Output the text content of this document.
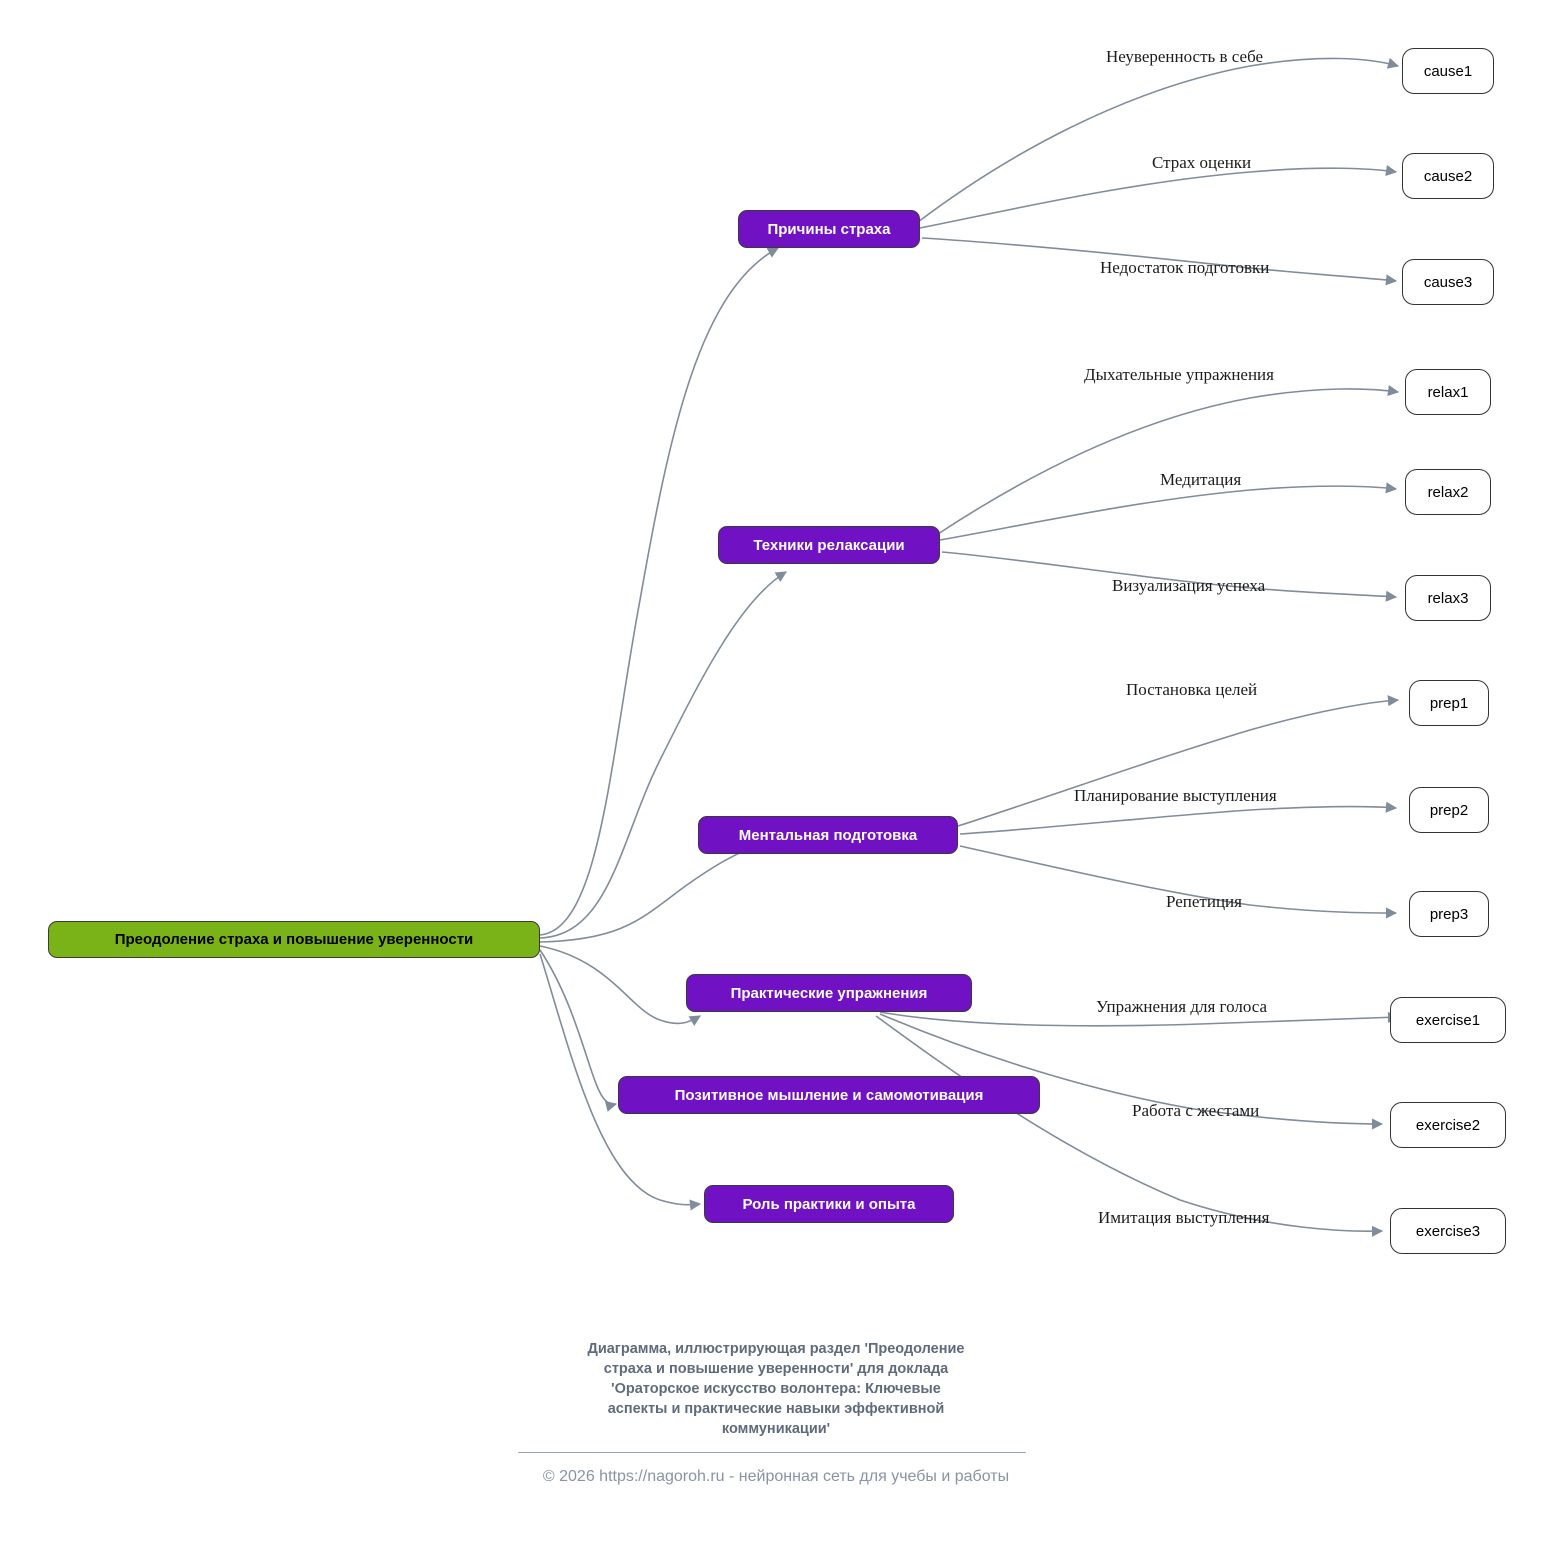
Преодоление страха и повышение уверенности
Причины страха
Техники релаксации
Ментальная подготовка
Практические упражнения
Позитивное мышление и самомотивация
Роль практики и опыта
cause1
cause2
cause3
relax1
relax2
relax3
prep1
prep2
prep3
exercise1
exercise2
exercise3
Неуверенность в себе
Страх оценки
Недостаток подготовки
Дыхательные упражнения
Медитация
Визуализация успеха
Постановка целей
Планирование выступления
Репетиция
Упражнения для голоса
Работа с жестами
Имитация выступления
Диаграмма, иллюстрирующая раздел 'Преодоление
страха и повышение уверенности' для доклада
'Ораторское искусство волонтера: Ключевые
аспекты и практические навыки эффективной
коммуникации'
© 2026 https://nagoroh.ru - нейронная сеть для учебы и работы
